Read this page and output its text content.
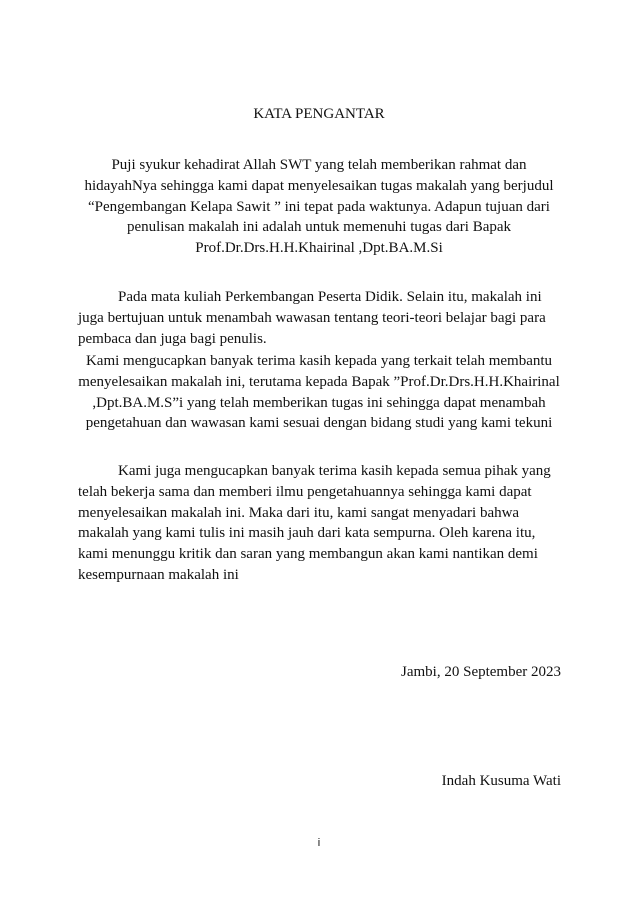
KATA PENGANTAR

Puji syukur kehadirat Allah SWT yang telah memberikan rahmat dan
hidayahNya sehingga kami dapat menyelesaikan tugas makalah yang berjudul
“Pengembangan Kelapa Sawit ” ini tepat pada waktunya. Adapun tujuan dari
penulisan makalah ini adalah untuk memenuhi tugas dari Bapak
Prof.Dr.Drs.H.H.Khairinal ,Dpt.BA.M.Si

Pada mata kuliah Perkembangan Peserta Didik. Selain itu, makalah ini
juga bertujuan untuk menambah wawasan tentang teori-teori belajar bagi para
pembaca dan juga bagi penulis.

Kami mengucapkan banyak terima kasih kepada yang terkait telah membantu
menyelesaikan makalah ini, terutama kepada Bapak ”Prof.Dr.Drs.H.H.Khairinal
,Dpt.BA.M.S”i yang telah memberikan tugas ini sehingga dapat menambah
pengetahuan dan wawasan kami sesuai dengan bidang studi yang kami tekuni

Kami juga mengucapkan banyak terima kasih kepada semua pihak yang
telah bekerja sama dan memberi ilmu pengetahuannya sehingga kami dapat
menyelesaikan makalah ini. Maka dari itu, kami sangat menyadari bahwa
makalah yang kami tulis ini masih jauh dari kata sempurna. Oleh karena itu,
kami menunggu kritik dan saran yang membangun akan kami nantikan demi
kesempurnaan makalah ini

Jambi, 20 September 2023
Indah Kusuma Wati
i
